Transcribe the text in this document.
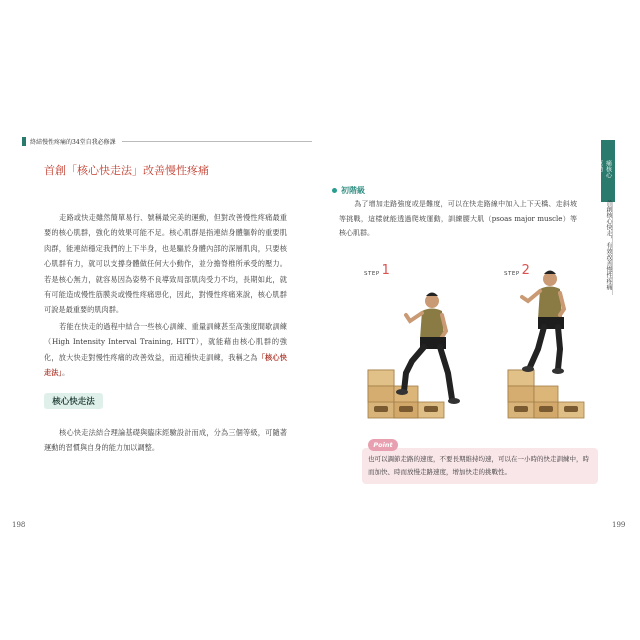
終結慢性疼痛的34堂自我必修課
首創「核心快走法」改善慢性疼痛
走路或快走雖然簡單易行、號稱最完美的運動，但對改善慢性疼痛最重要的核心肌群，強化的效果可能不足。核心肌群是指連結身體軀幹的重要肌肉群，能連結穩定我們的上下半身，也是驅於身體內部的深層肌肉，只要核心肌群有力，就可以支撐身體做任何大小動作，並分擔脊椎所承受的壓力。若是核心無力，就容易因為姿勢不良導致局部肌肉受力不均，長期如此，就有可能造成慢性筋膜炎或慢性疼痛惡化，因此，對慢性疼痛來說，核心肌群可說是最重要的肌肉群。
若能在快走的過程中結合一些核心訓練、重量訓練甚至高強度間歇訓練（High Intensity Interval Training, HITT），就能藉由核心肌群的強化，放大快走對慢性疼痛的改善效益，而這種快走訓練，我稱之為「核心快走法」。
核心快走法
核心快走法結合理論基礎與臨床經驗設計而成，分為三個等級，可隨著運動的習慣與自身的能力加以調整。
198
初階級
為了增加走路強度或是難度，可以在快走路線中加入上下天橋、走斜坡等挑戰，這樣就能透過爬坡運動，訓練腰大肌（psoas major muscle）等核心肌群。
STEP 1	STEP 2
Point
也可以調節走路的速度，不要長期維持均速，可以在一小時的快走訓練中，時而加快、時而放慢走路速度，增加快走的挑戰性。
199
慢性疼痛核心運動
首創核心快走，有效改善慢性疼痛
